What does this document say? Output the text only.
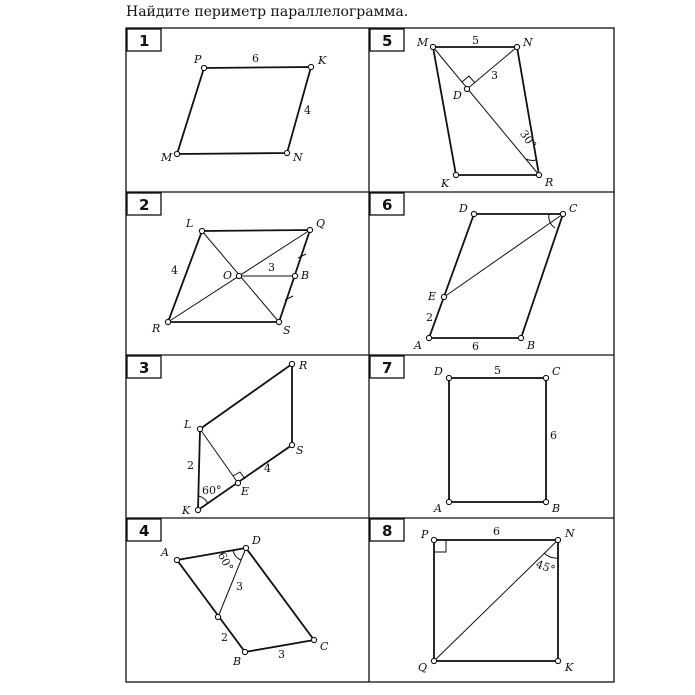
Найдите периметр параллелограмма.
1	5
2	6
3	7
4	8
P	K
M	N
6
4
L	Q
O	B
R	S
4	3
R
L
S
E
K
2	4
60°
A
D
B
C
3
2
3
60°
M	N
D
K	R
5
3
30°
D	C
E
A	B
2
6
D	C
A	B
5
6
P	N
Q	K
6
45°
